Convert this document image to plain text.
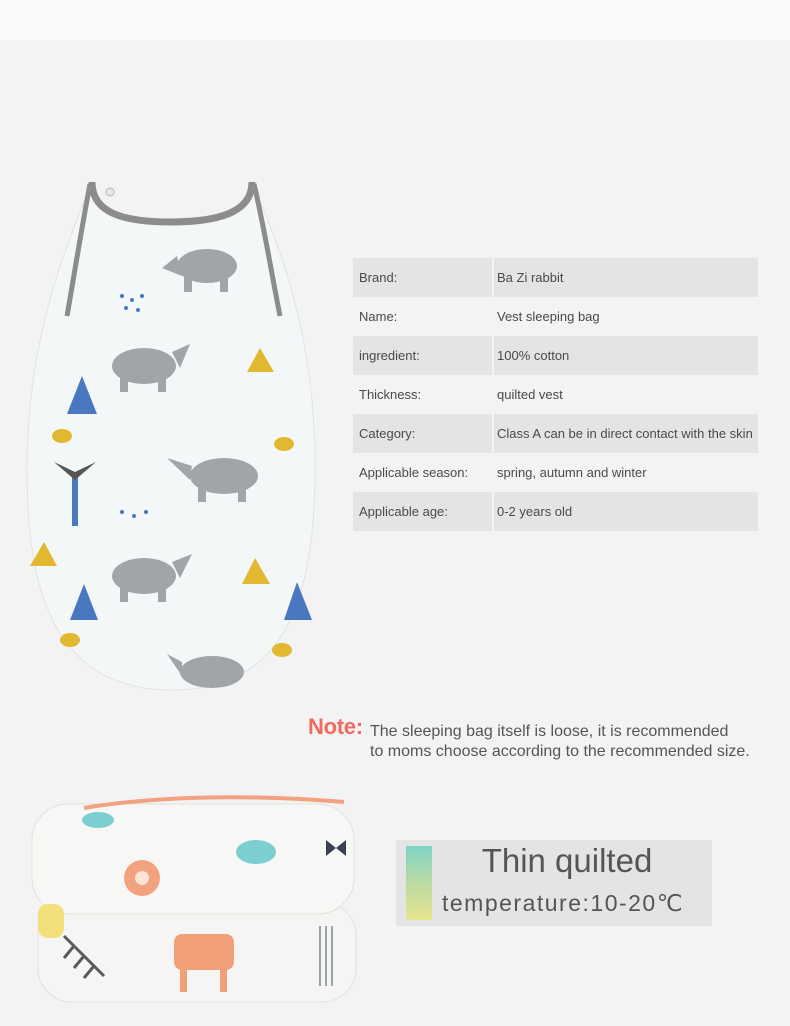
Brand:	Ba Zi rabbit
Name:	Vest sleeping bag
ingredient:	100% cotton
Thickness:	quilted vest
Category:	Class A can be in direct contact with the skin
Applicable season: spring, autumn and winter
Applicable age:	0-2 years old
Note: The sleeping bag itself is loose, it is recommended
to moms choose according to the recommended size.
Thin quilted
temperature:10-20℃
